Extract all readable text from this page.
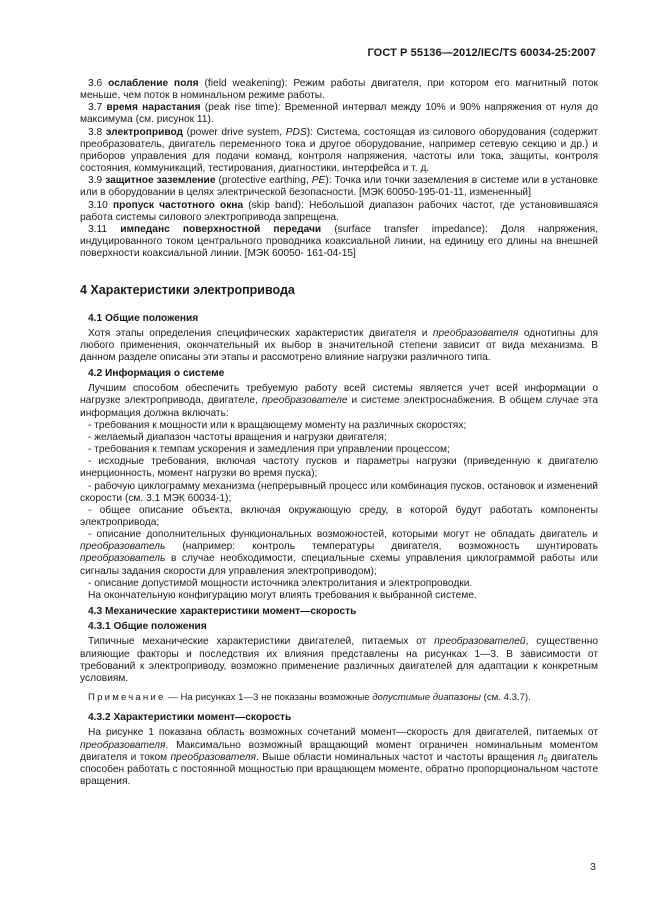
ГОСТ Р 55136—2012/IEC/TS 60034-25:2007

3.6 ослабление поля (field weakening): Режим работы двигателя, при котором его магнитный поток меньше, чем поток в номинальном режиме работы.

3.7 время нарастания (peak rise time): Временной интервал между 10% и 90% напряжения от нуля до максимума (см. рисунок 11).

3.8 электропривод (power drive system, PDS): Система, состоящая из силового оборудования (содержит преобразователь, двигатель переменного тока и другое оборудование, например сетевую секцию и др.) и приборов управления для подачи команд, контроля напряжения, частоты или тока, защиты, контроля состояния, коммуникаций, тестирования, диагностики, интерфейса и т. д.

3.9 защитное заземление (protective earthing, PE): Точка или точки заземления в системе или в установке или в оборудовании в целях электрической безопасности. [МЭК 60050-195-01-11, измененный]

3.10 пропуск частотного окна (skip band): Небольшой диапазон рабочих частот, где установившаяся работа системы силового электропривода запрещена.

3.11 импеданс поверхностной передачи (surface transfer impedance): Доля напряжения, индуцированного током центрального проводника коаксиальной линии, на единицу его длины на внешней поверхности коаксиальной линии. [МЭК 60050- 161-04-15]

4 Характеристики электропривода
4.1 Общие положения

Хотя этапы определения специфических характеристик двигателя и преобразователя однотипны для любого применения, окончательный их выбор в значительной степени зависит от вида механизма. В данном разделе описаны эти этапы и рассмотрено влияние нагрузки различного типа.

4.2 Информация о системе

Лучшим способом обеспечить требуемую работу всей системы является учет всей информации о нагрузке электропривода, двигателе, преобразователе и системе электроснабжения. В общем случае эта информация должна включать:

- требования к мощности или к вращающему моменту на различных скоростях;

- желаемый диапазон частоты вращения и нагрузки двигателя;

- требования к темпам ускорения и замедления при управлении процессом;

- исходные требования, включая частоту пусков и параметры нагрузки (приведенную к двигателю инерционность, момент нагрузки во время пуска);

- рабочую циклограмму механизма (непрерывный процесс или комбинация пусков, остановок и изменений скорости (см. 3.1 МЭК 60034-1);

- общее описание объекта, включая окружающую среду, в которой будут работать компоненты электропривода;

- описание дополнительных функциональных возможностей, которыми могут не обладать двигатель и преобразователь (например: контроль температуры двигателя, возможность шунтировать преобразователь в случае необходимости, специальные схемы управления циклограммой работы или сигналы задания скорости для управления электроприводом);

- описание допустимой мощности источника электролитания и электропроводки.

На окончательную конфигурацию могут влиять требования к выбранной системе.

4.3 Механические характеристики момент—скорость
4.3.1 Общие положения

Типичные механические характеристики двигателей, питаемых от преобразователей, существенно влияющие факторы и последствия их влияния представлены на рисунках 1—3. В зависимости от требований к электроприводу, возможно применение различных двигателей для адаптации к конкретным условиям.

Примечание — На рисунках 1—3 не показаны возможные допустимые диапазоны (см. 4.3.7).

4.3.2 Характеристики момент—скорость

На рисунке 1 показана область возможных сочетаний момент—скорость для двигателей, питаемых от преобразователя. Максимально возможный вращающий момент ограничен номинальным моментом двигателя и током преобразователя. Выше области номинальных частот и частоты вращения $n_0$ двигатель способен работать с постоянной мощностью при вращающем моменте, обратно пропорциональном частоте вращения.

3
